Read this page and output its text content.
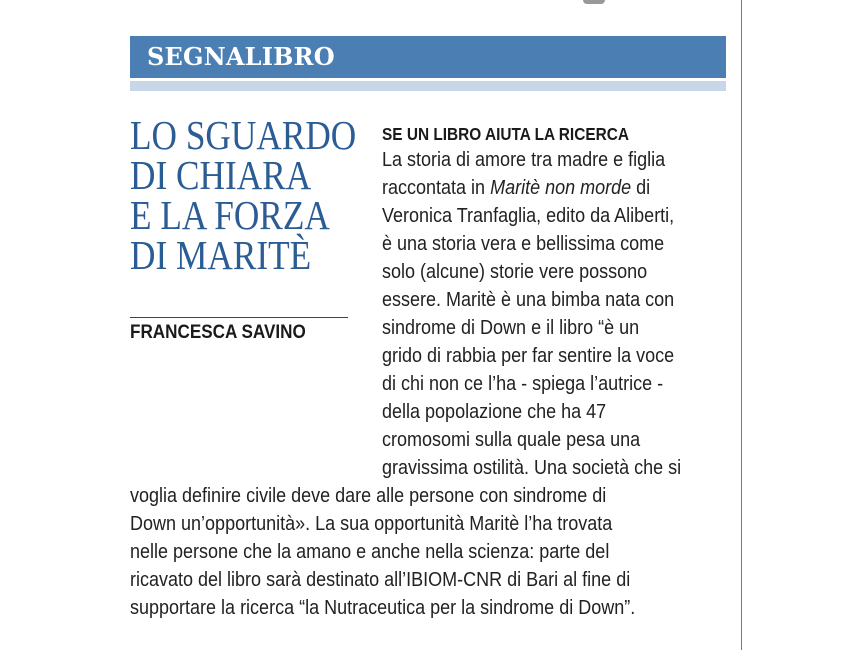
SEGNALIBRO
LO SGUARDO
DI CHIARA
E LA FORZA
DI MARITÈ
FRANCESCA SAVINO
SE UN LIBRO AIUTA LA RICERCA
La storia di amore tra madre e figlia
raccontata in Maritè non morde di
Veronica Tranfaglia, edito da Aliberti,
è una storia vera e bellissima come
solo (alcune) storie vere possono
essere. Maritè è una bimba nata con
sindrome di Down e il libro “è un
grido di rabbia per far sentire la voce
di chi non ce l’ha - spiega l’autrice -
della popolazione che ha 47
cromosomi sulla quale pesa una
gravissima ostilità. Una società che si
voglia definire civile deve dare alle persone con sindrome di
Down un’opportunità». La sua opportunità Maritè l’ha trovata
nelle persone che la amano e anche nella scienza: parte del
ricavato del libro sarà destinato all’IBIOM-CNR di Bari al fine di
supportare la ricerca “la Nutraceutica per la sindrome di Down”.
